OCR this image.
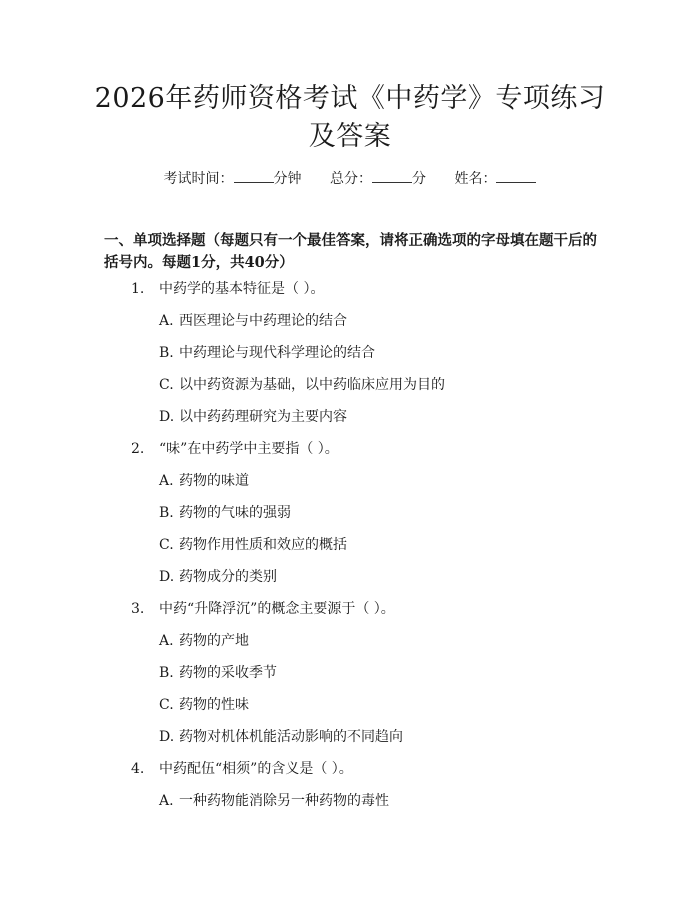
2026年药师资格考试《中药学》专项练习及答案
考试时间：	分钟 总分：	分 姓名：
一、单项选择题（每题只有一个最佳答案，请将正确选项的字母填在题干后的括号内。每题1分，共40分）
1. 中药学的基本特征是（ ）。
A. 西医理论与中药理论的结合
B. 中药理论与现代科学理论的结合
C. 以中药资源为基础，以中药临床应用为目的
D. 以中药药理研究为主要内容
2. “味”在中药学中主要指（ ）。
A. 药物的味道
B. 药物的气味的强弱
C. 药物作用性质和效应的概括
D. 药物成分的类别
3. 中药“升降浮沉”的概念主要源于（ ）。
A. 药物的产地
B. 药物的采收季节
C. 药物的性味
D. 药物对机体机能活动影响的不同趋向
4. 中药配伍“相须”的含义是（ ）。
A. 一种药物能消除另一种药物的毒性
